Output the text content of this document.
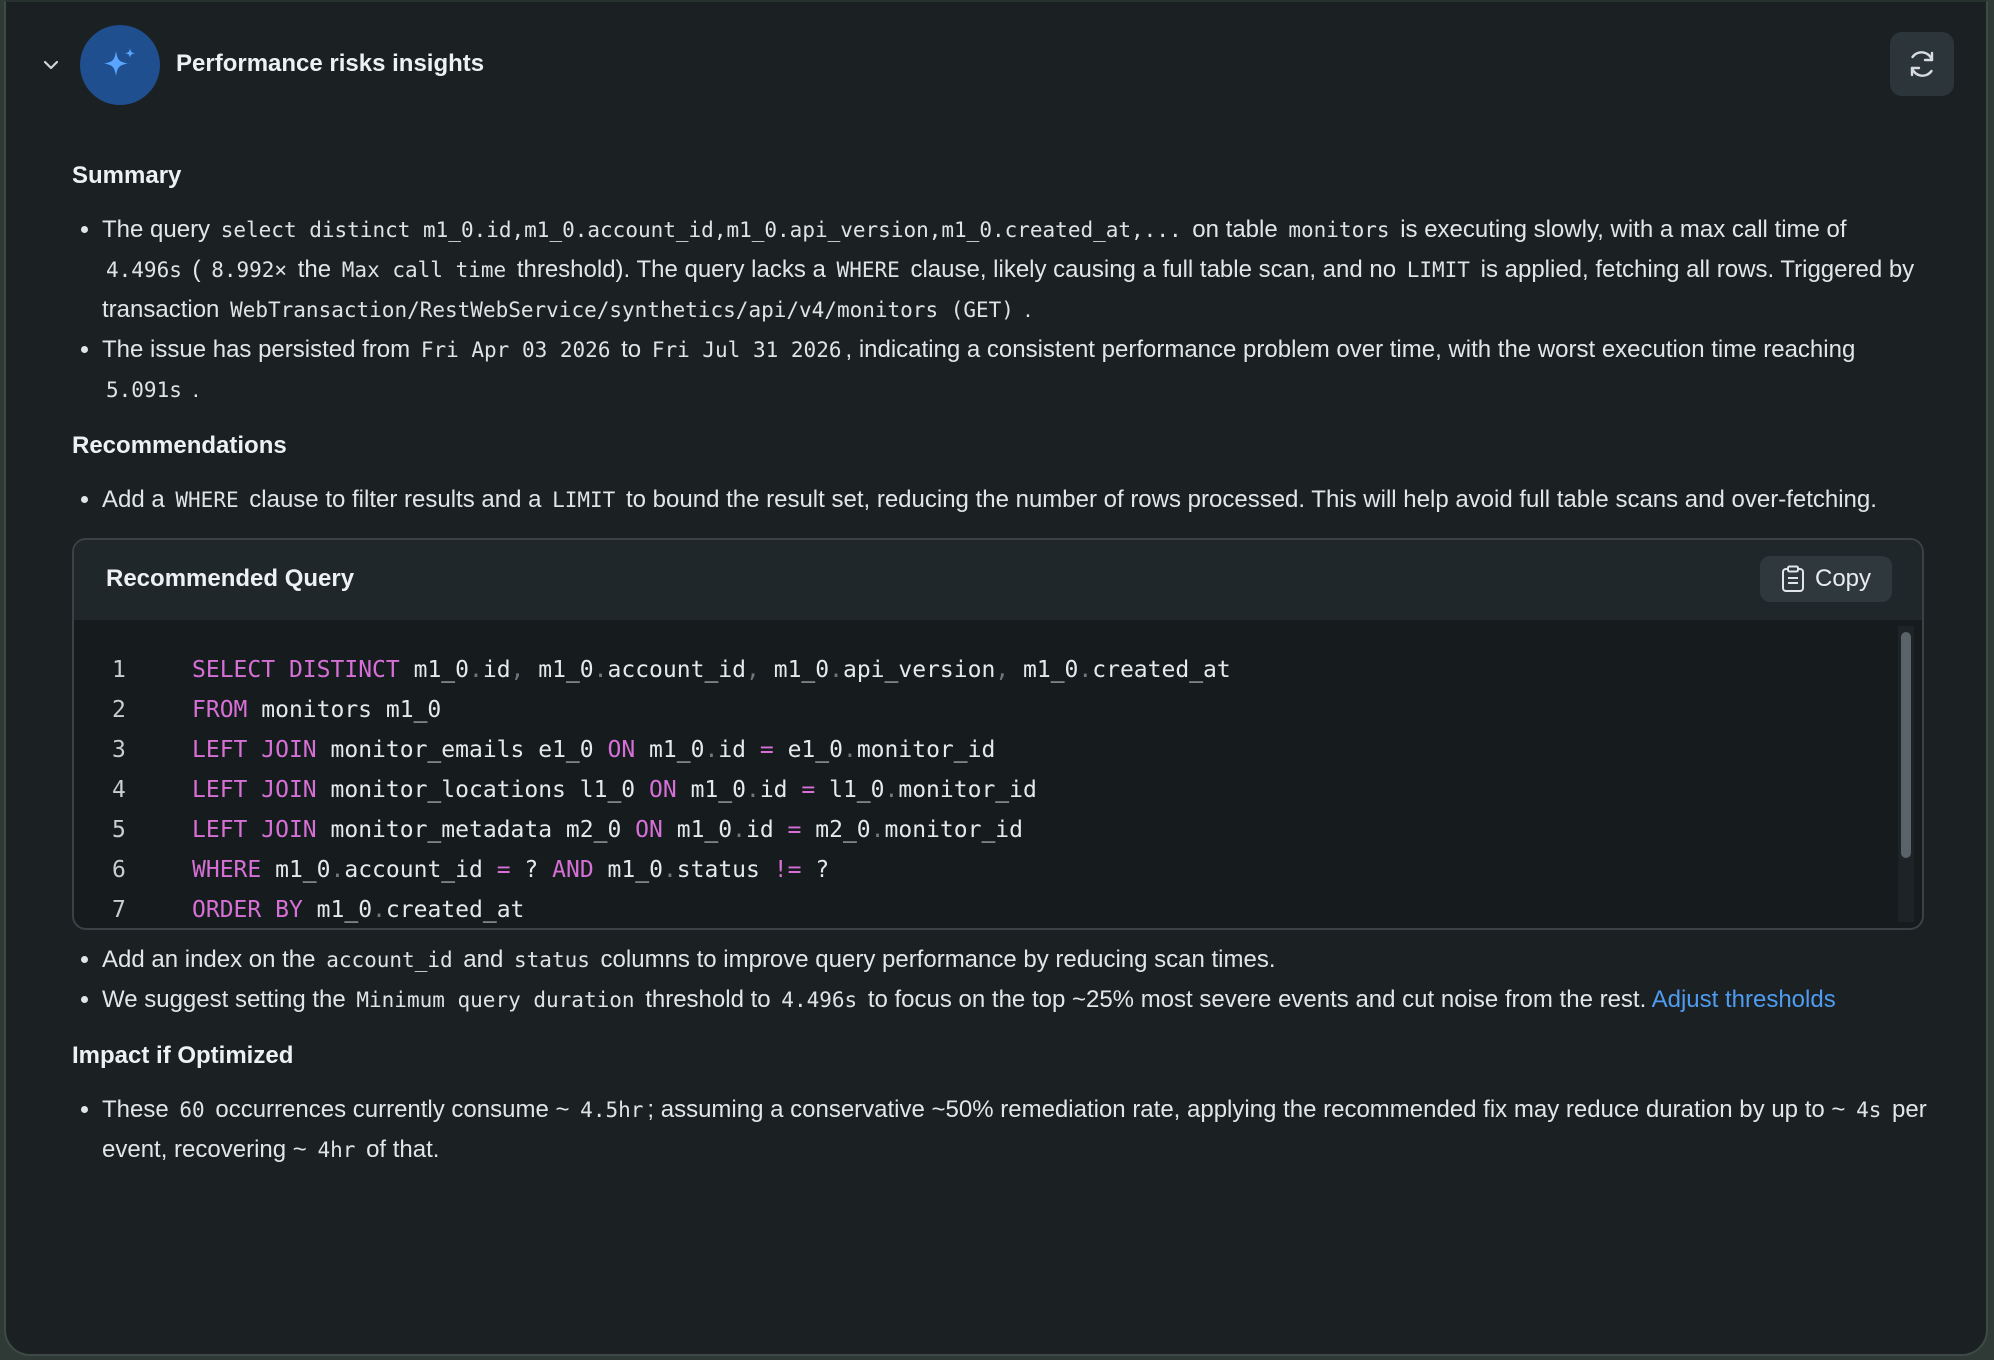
Performance risks insights
Summary
• The query select distinct m1_0.id,m1_0.account_id,m1_0.api_version,m1_0.created_at,... on table monitors is executing slowly, with a max call time of 4.496s ( 8.992× the Max call time threshold). The query lacks a WHERE clause, likely causing a full table scan, and no LIMIT is applied, fetching all rows. Triggered by transaction WebTransaction/RestWebService/synthetics/api/v4/monitors (GET) .
• The issue has persisted from Fri Apr 03 2026 to Fri Jul 31 2026 , indicating a consistent performance problem over time, with the worst execution time reaching 5.091s .
Recommendations
• Add a WHERE clause to filter results and a LIMIT to bound the result set, reducing the number of rows processed. This will help avoid full table scans and over-fetching.
Recommended Query	Copy
1	SELECT DISTINCT m1_0.id, m1_0.account_id, m1_0.api_version, m1_0.created_at
2	FROM monitors m1_0
3	LEFT JOIN monitor_emails e1_0 ON m1_0.id = e1_0.monitor_id
4	LEFT JOIN monitor_locations l1_0 ON m1_0.id = l1_0.monitor_id
5	LEFT JOIN monitor_metadata m2_0 ON m1_0.id = m2_0.monitor_id
6	WHERE m1_0.account_id = ? AND m1_0.status != ?
7	ORDER BY m1_0.created_at
• Add an index on the account_id and status columns to improve query performance by reducing scan times.
• We suggest setting the Minimum query duration threshold to 4.496s to focus on the top ~25% most severe events and cut noise from the rest. Adjust thresholds
Impact if Optimized
• These 60 occurrences currently consume ~ 4.5hr ; assuming a conservative ~50% remediation rate, applying the recommended fix may reduce duration by up to ~ 4s per event, recovering ~ 4hr of that.
